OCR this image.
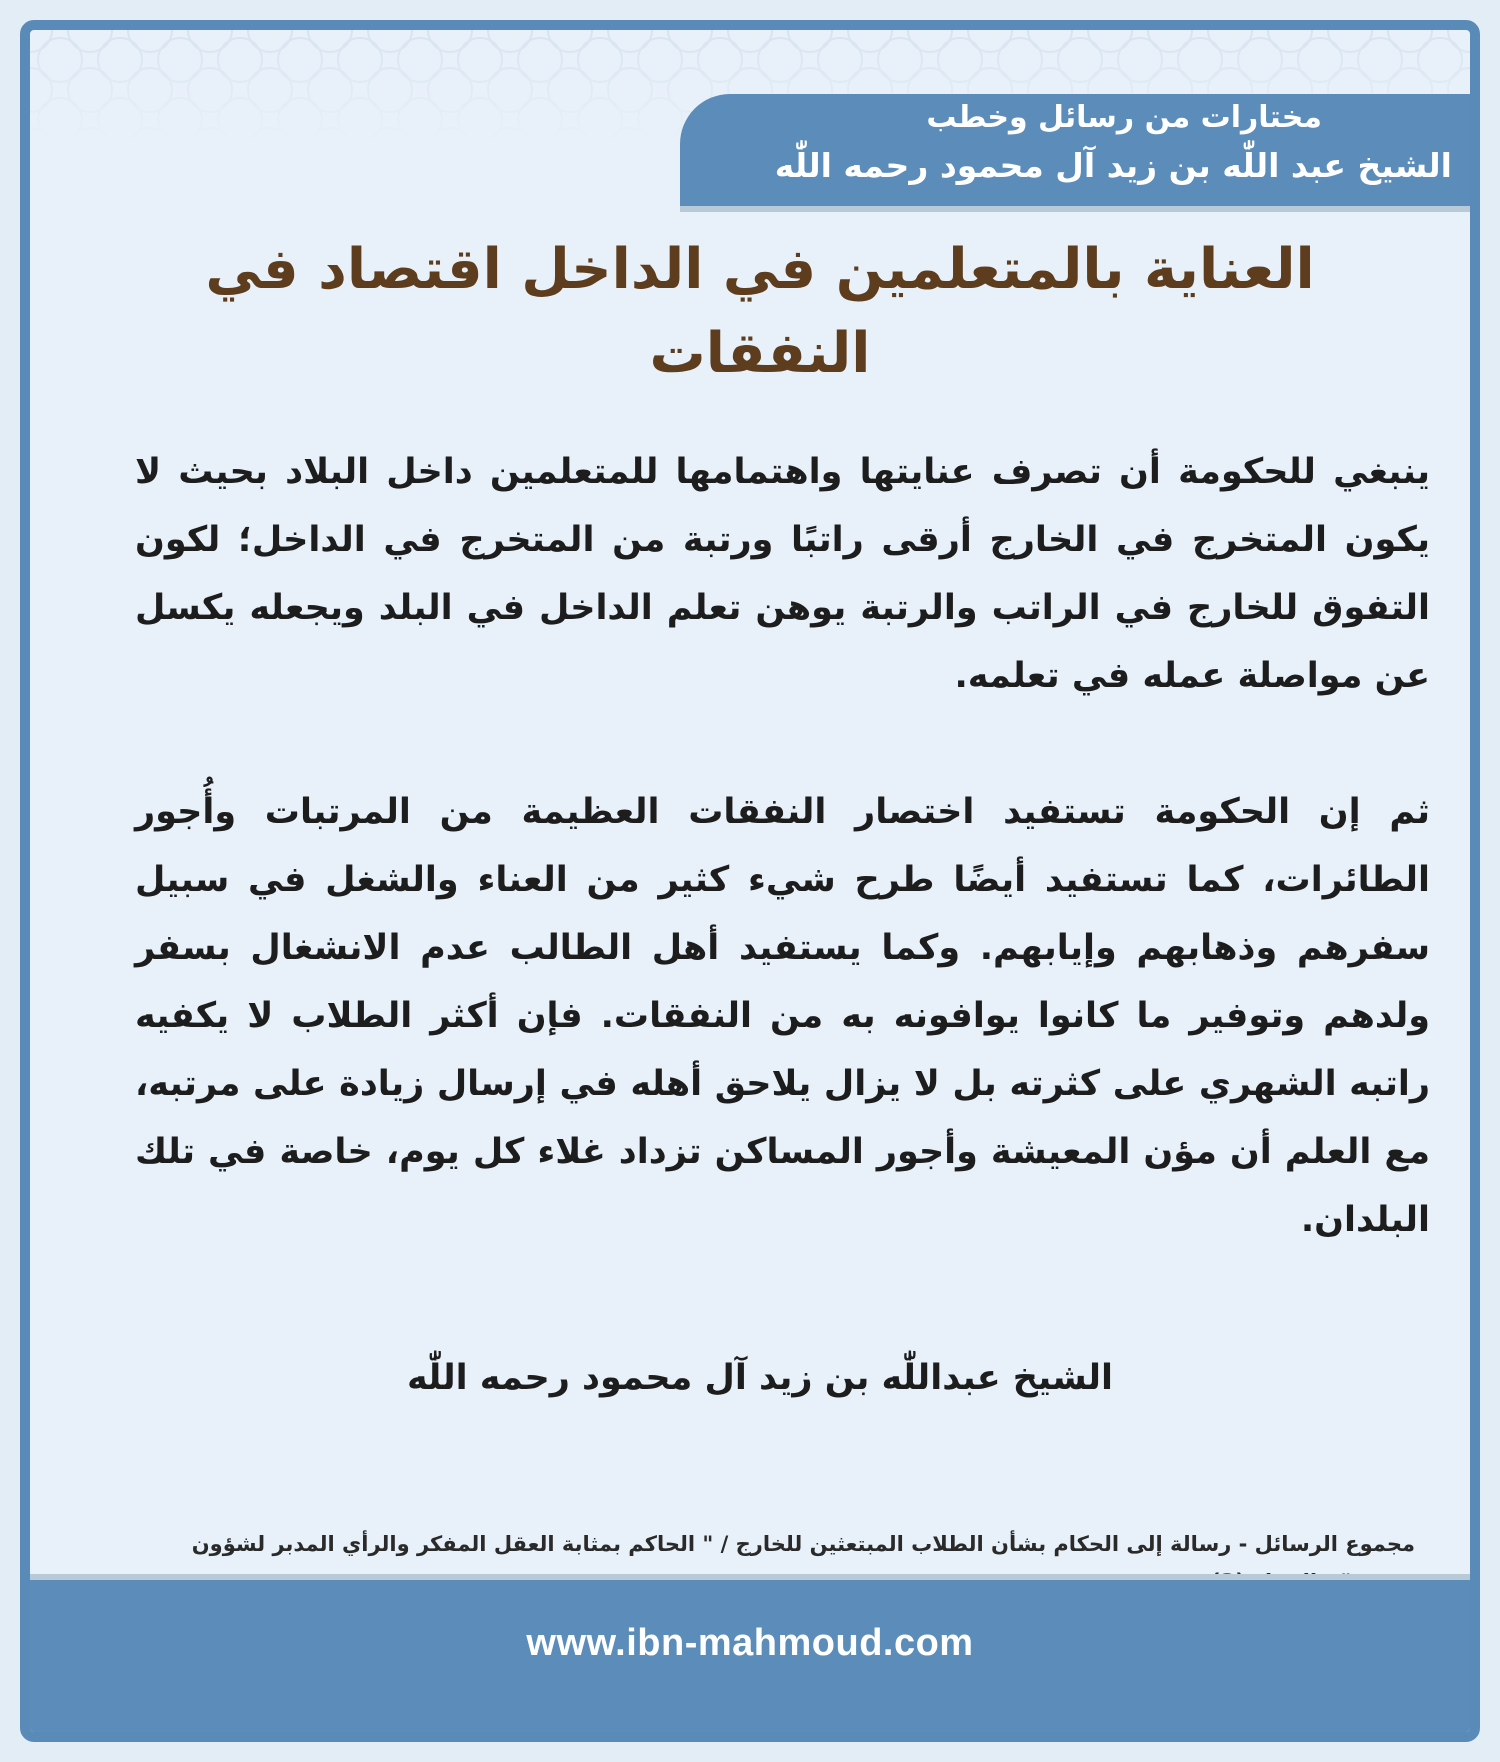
مختارات من رسائل وخطب
الشيخ عبد اللّٰه بن زيد آل محمود رحمه اللّٰه
العناية بالمتعلمين في الداخل اقتصاد في النفقات

ينبغي للحكومة أن تصرف عنايتها واهتمامها للمتعلمين داخل البلاد بحيث لا يكون المتخرج في الخارج أرقى راتبًا ورتبة من المتخرج في الداخل؛ لكون التفوق للخارج في الراتب والرتبة يوهن تعلم الداخل في البلد ويجعله يكسل عن مواصلة عمله في تعلمه.

ثم إن الحكومة تستفيد اختصار النفقات العظيمة من المرتبات وأُجور الطائرات، كما تستفيد أيضًا طرح شيء كثير من العناء والشغل في سبيل سفرهم وذهابهم وإيابهم. وكما يستفيد أهل الطالب عدم الانشغال بسفر ولدهم وتوفير ما كانوا يوافونه به من النفقات. فإن أكثر الطلاب لا يكفيه راتبه الشهري على كثرته بل لا يزال يلاحق أهله في إرسال زيادة على مرتبه، مع العلم أن مؤن المعيشة وأجور المساكن تزداد غلاء كل يوم، خاصة في تلك البلدان.

الشيخ عبداللّٰه بن زيد آل محمود رحمه اللّٰه
مجموع الرسائل - رسالة إلى الحكام بشأن الطلاب المبتعثين للخارج / " الحاكم بمثابة العقل المفكر والرأي المدبر لشؤون
www.ibn-mahmoud.com
